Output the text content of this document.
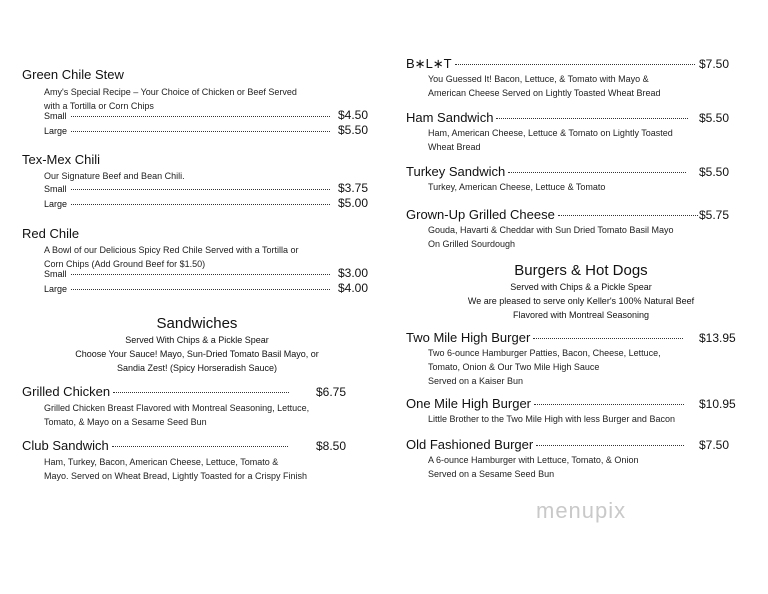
Green Chile Stew
Amy's Special Recipe – Your Choice of Chicken or Beef Served
with a Tortilla or Corn Chips
Small	$4.50
Large	$5.50
Tex-Mex Chili
Our Signature Beef and Bean Chili.
Small	$3.75
Large	$5.00
Red Chile
A Bowl of our Delicious Spicy Red Chile Served with a Tortilla or
Corn Chips (Add Ground Beef for $1.50)
Small	$3.00
Large	$4.00
Sandwiches
Served With Chips & a Pickle Spear
Choose Your Sauce! Mayo, Sun-Dried Tomato Basil Mayo, or
Sandia Zest! (Spicy Horseradish Sauce)
Grilled Chicken	$6.75
Grilled Chicken Breast Flavored with Montreal Seasoning, Lettuce,
Tomato, & Mayo on a Sesame Seed Bun
Club Sandwich	$8.50
Ham, Turkey, Bacon, American Cheese, Lettuce, Tomato &
Mayo. Served on Wheat Bread, Lightly Toasted for a Crispy Finish
B∗L∗T	$7.50
You Guessed It! Bacon, Lettuce, & Tomato with Mayo &
American Cheese Served on Lightly Toasted Wheat Bread
Ham Sandwich	$5.50
Ham, American Cheese, Lettuce & Tomato on Lightly Toasted
Wheat Bread
Turkey Sandwich	$5.50
Turkey, American Cheese, Lettuce & Tomato
Grown-Up Grilled Cheese	$5.75
Gouda, Havarti & Cheddar with Sun Dried Tomato Basil Mayo
On Grilled Sourdough
Burgers & Hot Dogs
Served with Chips & a Pickle Spear
We are pleased to serve only Keller's 100% Natural Beef
Flavored with Montreal Seasoning
Two Mile High Burger	$13.95
Two 6-ounce Hamburger Patties, Bacon, Cheese, Lettuce,
Tomato, Onion & Our Two Mile High Sauce
Served on a Kaiser Bun
One Mile High Burger	$10.95
Little Brother to the Two Mile High with less Burger and Bacon
Old Fashioned Burger	$7.50
A 6-ounce Hamburger with Lettuce, Tomato, & Onion
Served on a Sesame Seed Bun
menupix
